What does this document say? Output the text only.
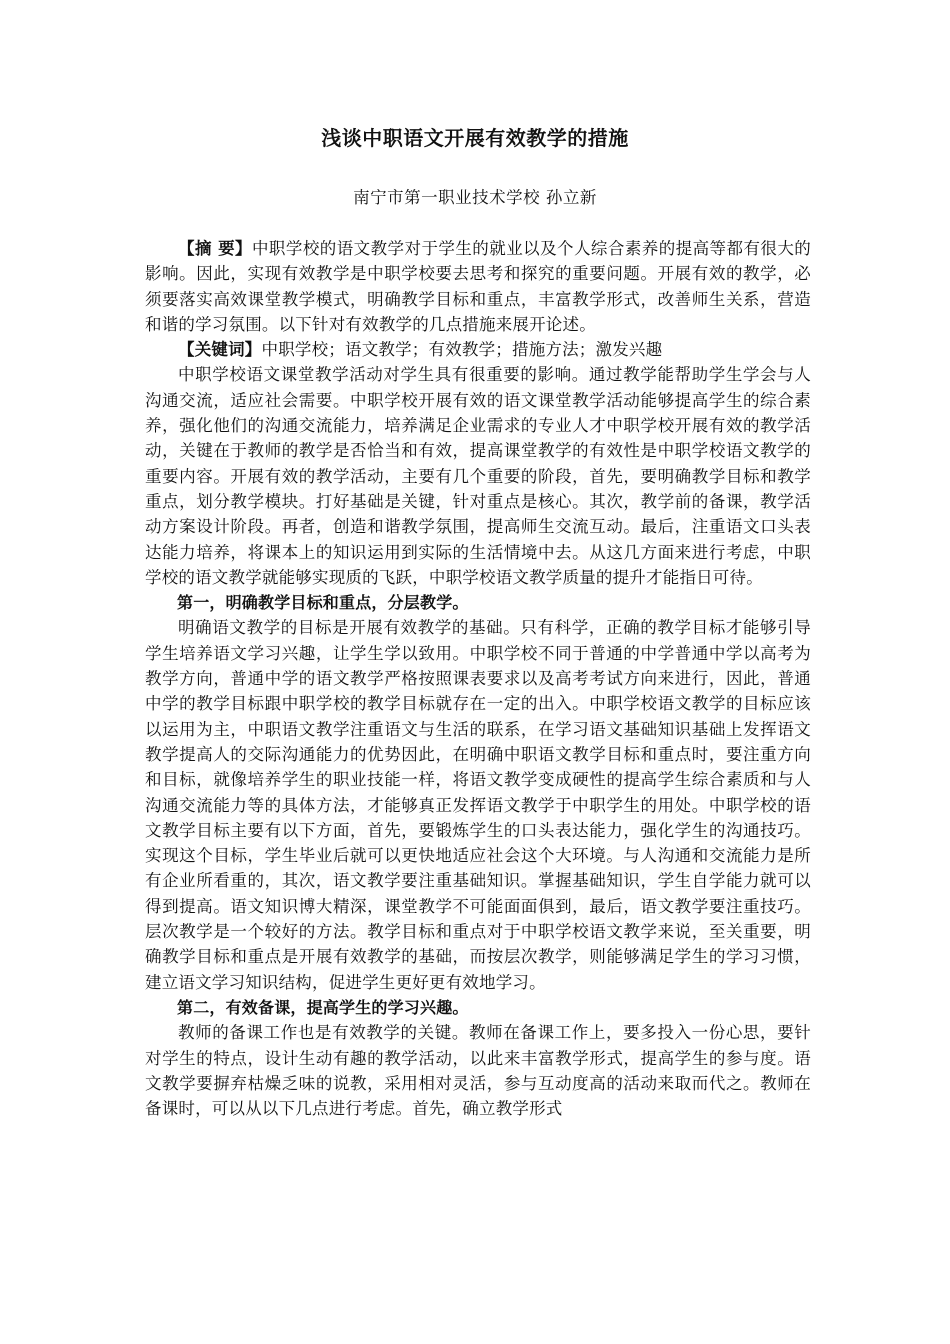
浅谈中职语文开展有效教学的措施
南宁市第一职业技术学校 孙立新

【摘 要】中职学校的语文教学对于学生的就业以及个人综合素养的提高等都有很大的影响。因此，实现有效教学是中职学校要去思考和探究的重要问题。开展有效的教学，必须要落实高效课堂教学模式，明确教学目标和重点，丰富教学形式，改善师生关系，营造和谐的学习氛围。以下针对有效教学的几点措施来展开论述。

【关键词】中职学校；语文教学；有效教学；措施方法；激发兴趣

中职学校语文课堂教学活动对学生具有很重要的影响。通过教学能帮助学生学会与人沟通交流，适应社会需要。中职学校开展有效的语文课堂教学活动能够提高学生的综合素养，强化他们的沟通交流能力，培养满足企业需求的专业人才中职学校开展有效的教学活动，关键在于教师的教学是否恰当和有效，提高课堂教学的有效性是中职学校语文教学的重要内容。开展有效的教学活动，主要有几个重要的阶段，首先，要明确教学目标和教学重点，划分教学模块。打好基础是关键，针对重点是核心。其次，教学前的备课，教学活动方案设计阶段。再者，创造和谐教学氛围，提高师生交流互动。最后，注重语文口头表达能力培养，将课本上的知识运用到实际的生活情境中去。从这几方面来进行考虑，中职学校的语文教学就能够实现质的飞跃，中职学校语文教学质量的提升才能指日可待。

第一，明确教学目标和重点，分层教学。

明确语文教学的目标是开展有效教学的基础。只有科学，正确的教学目标才能够引导学生培养语文学习兴趣，让学生学以致用。中职学校不同于普通的中学普通中学以高考为教学方向，普通中学的语文教学严格按照课表要求以及高考考试方向来进行，因此，普通中学的教学目标跟中职学校的教学目标就存在一定的出入。中职学校语文教学的目标应该以运用为主，中职语文教学注重语文与生活的联系，在学习语文基础知识基础上发挥语文教学提高人的交际沟通能力的优势因此，在明确中职语文教学目标和重点时，要注重方向和目标，就像培养学生的职业技能一样，将语文教学变成硬性的提高学生综合素质和与人沟通交流能力等的具体方法，才能够真正发挥语文教学于中职学生的用处。中职学校的语文教学目标主要有以下方面，首先，要锻炼学生的口头表达能力，强化学生的沟通技巧。实现这个目标，学生毕业后就可以更快地适应社会这个大环境。与人沟通和交流能力是所有企业所看重的，其次，语文教学要注重基础知识。掌握基础知识，学生自学能力就可以得到提高。语文知识博大精深，课堂教学不可能面面俱到，最后，语文教学要注重技巧。层次教学是一个较好的方法。教学目标和重点对于中职学校语文教学来说，至关重要，明确教学目标和重点是开展有效教学的基础，而按层次教学，则能够满足学生的学习习惯，建立语文学习知识结构，促进学生更好更有效地学习。

第二，有效备课，提高学生的学习兴趣。

教师的备课工作也是有效教学的关键。教师在备课工作上，要多投入一份心思，要针对学生的特点，设计生动有趣的教学活动，以此来丰富教学形式，提高学生的参与度。语文教学要摒弃枯燥乏味的说教，采用相对灵活，参与互动度高的活动来取而代之。教师在备课时，可以从以下几点进行考虑。首先，确立教学形式
